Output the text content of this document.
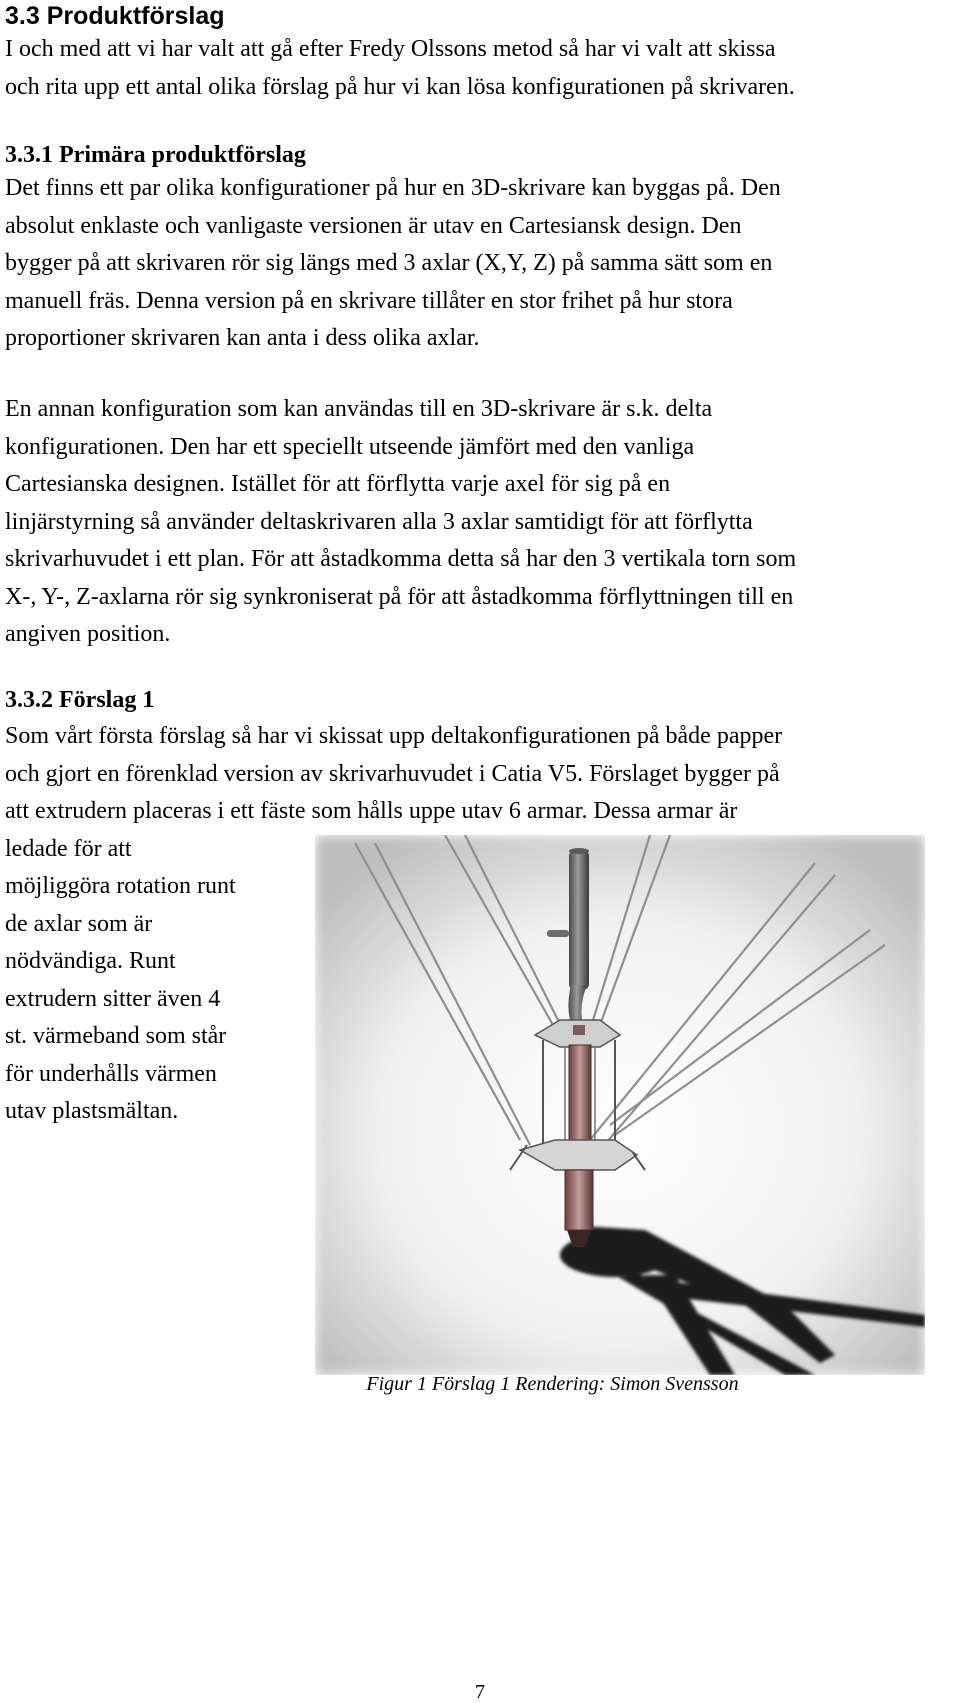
3.3 Produktförslag

I och med att vi har valt att gå efter Fredy Olssons metod så har vi valt att skissa
och rita upp ett antal olika förslag på hur vi kan lösa konfigurationen på skrivaren.

3.3.1 Primära produktförslag

Det finns ett par olika konfigurationer på hur en 3D-skrivare kan byggas på. Den
absolut enklaste och vanligaste versionen är utav en Cartesiansk design. Den
bygger på att skrivaren rör sig längs med 3 axlar (X,Y, Z) på samma sätt som en
manuell fräs. Denna version på en skrivare tillåter en stor frihet på hur stora
proportioner skrivaren kan anta i dess olika axlar.

En annan konfiguration som kan användas till en 3D-skrivare är s.k. delta
konfigurationen. Den har ett speciellt utseende jämfört med den vanliga
Cartesianska designen. Istället för att förflytta varje axel för sig på en
linjärstyrning så använder deltaskrivaren alla 3 axlar samtidigt för att förflytta
skrivarhuvudet i ett plan. För att åstadkomma detta så har den 3 vertikala torn som
X-, Y-, Z-axlarna rör sig synkroniserat på för att åstadkomma förflyttningen till en
angiven position.

3.3.2 Förslag 1

Som vårt första förslag så har vi skissat upp deltakonfigurationen på både papper
och gjort en förenklad version av skrivarhuvudet i Catia V5. Förslaget bygger på
att extrudern placeras i ett fäste som hålls uppe utav 6 armar. Dessa armar är
ledade för att
möjliggöra rotation runt
de axlar som är
nödvändiga. Runt
extrudern sitter även 4
st. värmeband som står
för underhålls värmen
utav plastsmältan.

Figur 1 Förslag 1 Rendering: Simon Svensson

7
